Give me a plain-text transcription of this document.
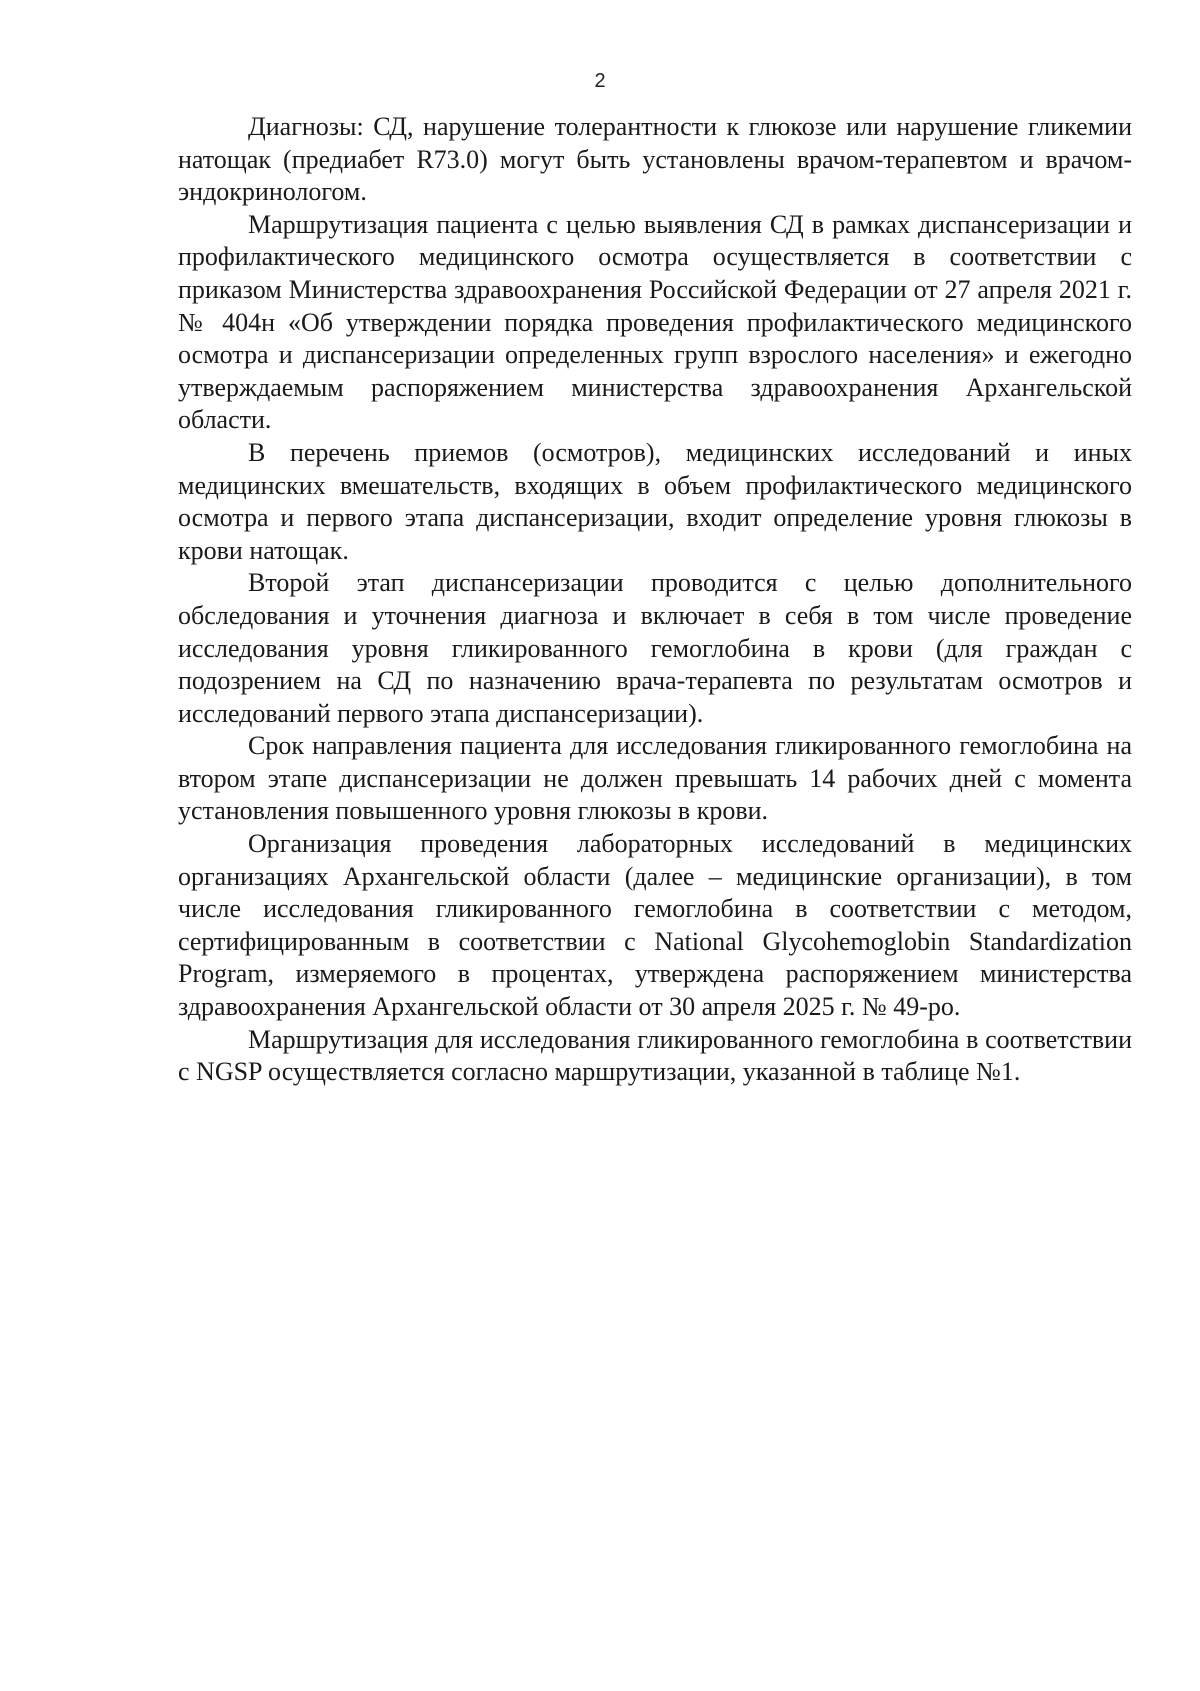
2

Диагнозы: СД, нарушение толерантности к глюкозе или нарушение гликемии натощак (предиабет R73.0) могут быть установлены врачом-терапевтом и врачом-эндокринологом.

Маршрутизация пациента с целью выявления СД в рамках диспансеризации и профилактического медицинского осмотра осуществляется в соответствии с приказом Министерства здравоохранения Российской Федерации от 27 апреля 2021 г. № 404н «Об утверждении порядка проведения профилактического медицинского осмотра и диспансеризации определенных групп взрослого населения» и ежегодно утверждаемым распоряжением министерства здравоохранения Архангельской области.

В перечень приемов (осмотров), медицинских исследований и иных медицинских вмешательств, входящих в объем профилактического медицинского осмотра и первого этапа диспансеризации, входит определение уровня глюкозы в крови натощак.

Второй этап диспансеризации проводится с целью дополнительного обследования и уточнения диагноза и включает в себя в том числе проведение исследования уровня гликированного гемоглобина в крови (для граждан с подозрением на СД по назначению врача-терапевта по результатам осмотров и исследований первого этапа диспансеризации).

Срок направления пациента для исследования гликированного гемоглобина на втором этапе диспансеризации не должен превышать 14 рабочих дней с момента установления повышенного уровня глюкозы в крови.

Организация проведения лабораторных исследований в медицинских организациях Архангельской области (далее – медицинские организации), в том числе исследования гликированного гемоглобина в соответствии с методом, сертифицированным в соответствии с National Glycohemoglobin Standardization Program, измеряемого в процентах, утверждена распоряжением министерства здравоохранения Архангельской области от 30 апреля 2025 г. № 49-ро.

Маршрутизация для исследования гликированного гемоглобина в соответствии с NGSP осуществляется согласно маршрутизации, указанной в таблице №1.
